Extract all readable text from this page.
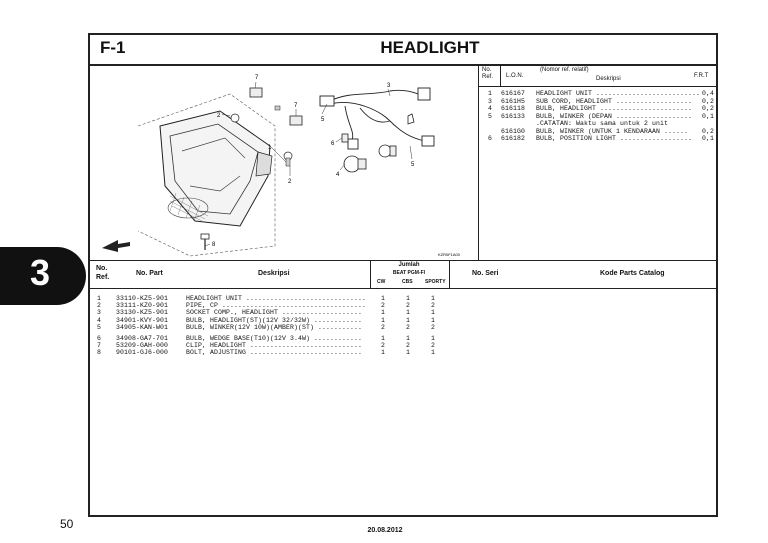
3
F-1	HEADLIGHT
7
2
7
5
3
6
1
2
4
5
8
KZR0F1A00
No. Ref.	L.O.N.
(Nomor ref. relatif)
Deskripsi	F.R.T
1 616167 HEADLIGHT UNIT .......................... 0,4
3 6161H5 SUB CORD, HEADLIGHT ................... 0,2
4 616118 BULB, HEADLIGHT ....................... 0,2
5 616133 BULB, WINKER (DEPAN ................... 0,1
.CATATAN: Waktu sama untuk 2 unit
6161G0 BULB, WINKER (UNTUK 1 KENDARAAN ...... 0,2
6 616182 BULB, POSITION LIGHT .................. 0,1
No. Ref.
No. Part	Deskripsi
Jumlah
BEAT PGM-FI
CW	CBS SPORTY
No. Seri	Kode Parts Catalog
1 33110-KZ5-901	HEADLIGHT UNIT .............................. 1	1	1
2 33111-KZ0-901	PIPE, CP .................................... 2	2	2
3 33130-KZ5-901	SOCKET COMP., HEADLIGHT ....................	1	1	1
4 34901-KVY-901	BULB, HEADLIGHT(ST)(12V 32/32W) ............	1	1	1
5 34905-KAN-W01	BULB, WINKER(12V 10W)(AMBER)(ST) ...........	2	2	2
6 34908-GA7-701	BULB, WEDGE BASE(T10)(12V 3.4W) ............	1	1	1
7 53209-GAH-000	CLIP, HEADLIGHT ............................	2	2	2
8 90101-GJ6-000	BOLT, ADJUSTING ............................	1	1	1
50	20.08.2012
